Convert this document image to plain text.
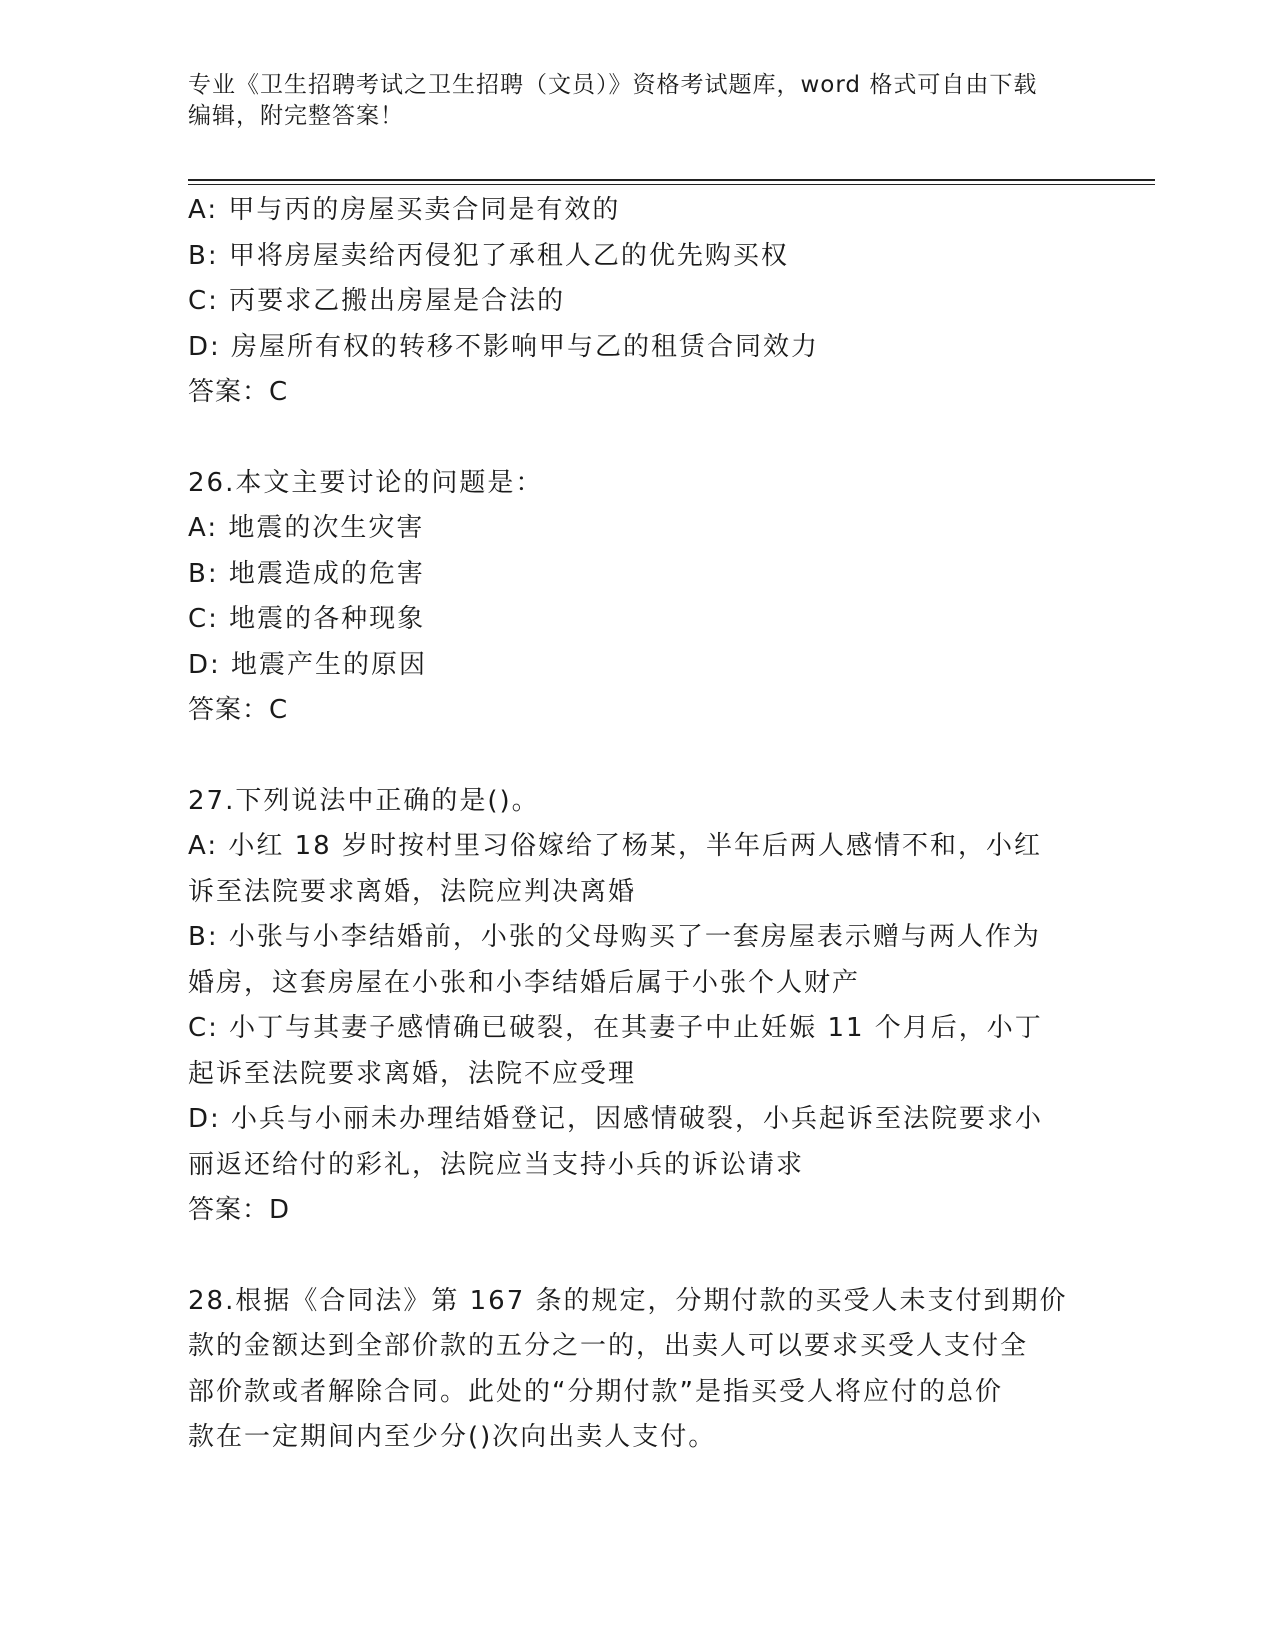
专业《卫生招聘考试之卫生招聘（文员）》资格考试题库，word 格式可自由下载
编辑，附完整答案！
A: 甲与丙的房屋买卖合同是有效的
B: 甲将房屋卖给丙侵犯了承租人乙的优先购买权
C: 丙要求乙搬出房屋是合法的
D: 房屋所有权的转移不影响甲与乙的租赁合同效力
答案：C
26.本文主要讨论的问题是：
A: 地震的次生灾害
B: 地震造成的危害
C: 地震的各种现象
D: 地震产生的原因
答案：C
27.下列说法中正确的是()。
A: 小红 18 岁时按村里习俗嫁给了杨某，半年后两人感情不和，小红
诉至法院要求离婚，法院应判决离婚
B: 小张与小李结婚前，小张的父母购买了一套房屋表示赠与两人作为
婚房，这套房屋在小张和小李结婚后属于小张个人财产
C: 小丁与其妻子感情确已破裂，在其妻子中止妊娠 11 个月后，小丁
起诉至法院要求离婚，法院不应受理
D: 小兵与小丽未办理结婚登记，因感情破裂，小兵起诉至法院要求小
丽返还给付的彩礼，法院应当支持小兵的诉讼请求
答案：D
28.根据《合同法》第 167 条的规定，分期付款的买受人未支付到期价
款的金额达到全部价款的五分之一的，出卖人可以要求买受人支付全
部价款或者解除合同。此处的“分期付款”是指买受人将应付的总价
款在一定期间内至少分()次向出卖人支付。
